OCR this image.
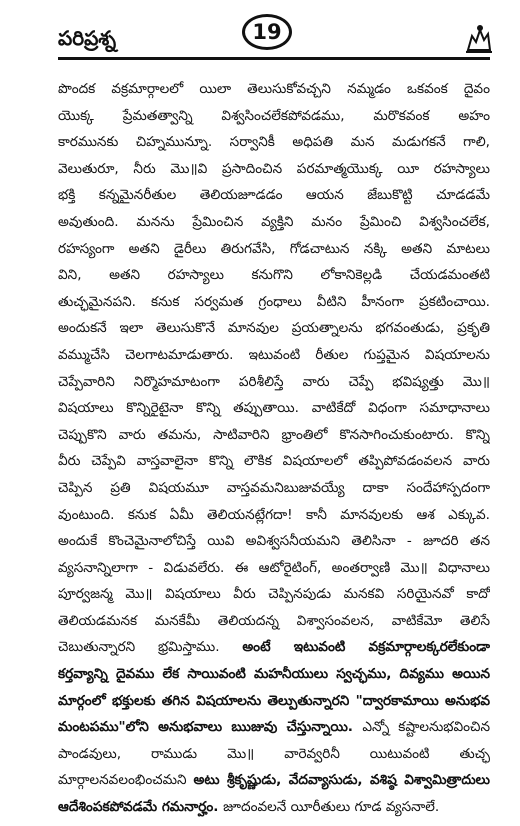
పరిప్రశ్న	19
పొందక వక్రమార్గాలలో యిలా తెలుసుకోవచ్చని నమ్మడం ఒకవంక దైవం
యొక్క ప్రేమతత్వాన్ని విశ్వసించలేకపోవడము, మరొకవంక అహం
కారమునకు చిహ్నమున్నూ. సర్వానికీ అధిపతి మన మడుగకనే గాలి,
వెలుతురూ, నీరు మొ॥వి ప్రసాదించిన పరమాత్మయొక్క యీ రహస్యాలు
భక్తి కన్నమైనరీతుల తెలియజూడడం ఆయన జేబుకొట్టి చూడడమే
అవుతుంది. మనను ప్రేమించిన వ్యక్తిని మనం ప్రేమించి విశ్వసించలేక,
రహస్యంగా అతని డైరీలు తిరుగవేసి, గోడచాటున నక్కి అతని మాటలు
విని, అతని రహస్యాలు కనుగొని లోకానికెల్లడి చేయడమంతటి
తుచ్ఛమైనపని. కనుక సర్వమత గ్రంధాలు వీటిని హీనంగా ప్రకటించాయి.
అందుకనే ఇలా తెలుసుకొనే మానవుల ప్రయత్నాలను భగవంతుడు, ప్రకృతి
వమ్ముచేసి చెలగాటమాడుతారు. ఇటువంటి రీతుల గుప్తమైన విషయాలను
చెప్పేవారిని నిర్మొహమాటంగా పరిశీలిస్తే వారు చెప్పే భవిష్యత్తు మొ॥
విషయాలు కొన్నిరైటైనా కొన్ని తప్పుతాయి. వాటికేదో విధంగా సమాధానాలు
చెప్పుకొని వారు తమను, సాటివారిని భ్రాంతిలో కొనసాగించుకుంటారు. కొన్ని
వీరు చెప్పేవి వాస్తవాలైనా కొన్ని లౌకిక విషయాలలో తప్పిపోవడంవలన వారు
చెప్పిన ప్రతి విషయమూ వాస్తవమనిబుజువయ్యే దాకా సందేహాస్పదంగా
వుంటుంది. కనుక ఏమీ తెలియనట్లేగదా! కానీ మానవులకు ఆశ ఎక్కువ.
అందుకే కొంచెమైనాలోచిస్తే యివి అవిశ్వసనీయమని తెలిసినా - జూదరి తన
వ్యసనాన్నిలాగా - విడువలేరు. ఈ ఆటోరైటింగ్, అంతర్వాణి మొ॥ విధానాలు
పూర్వజన్మ మొ॥ విషయాలు వీరు చెప్పినపుడు మనకవి సరియైనవో కాదో
తెలియడమనక మనకేమీ తెలియదన్న విశ్వాసంవలన, వాటికేమో తెలిసే
చెబుతున్నారని భ్రమిస్తాము. అంటే ఇటువంటి వక్రమార్గాలక్కరలేకుండా
కర్తవ్యాన్ని దైవము లేక సాయివంటి మహనీయులు స్వచ్ఛము, దివ్యము అయిన
మార్గంలో భక్తులకు తగిన విషయాలను తెల్పుతున్నారని "ద్వారకామాయి అనుభవ
మంటపము"లోని అనుభవాలు ఋజువు చేస్తున్నాయి. ఎన్నో కష్టాలనుభవించిన
పాండవులు, రాముడు మొ॥ వారెవ్వరినీ యిటువంటి తుచ్ఛ
మార్గాలనవలంభించమని అటు శ్రీకృష్ణుడు, వేదవ్యాసుడు, వశిష్ఠ విశ్వామిత్రాదులు
ఆదేశింపకపోవడమే గమనార్హం. జూదంవలనే యీరీతులు గూడ వ్యసనాలే.
